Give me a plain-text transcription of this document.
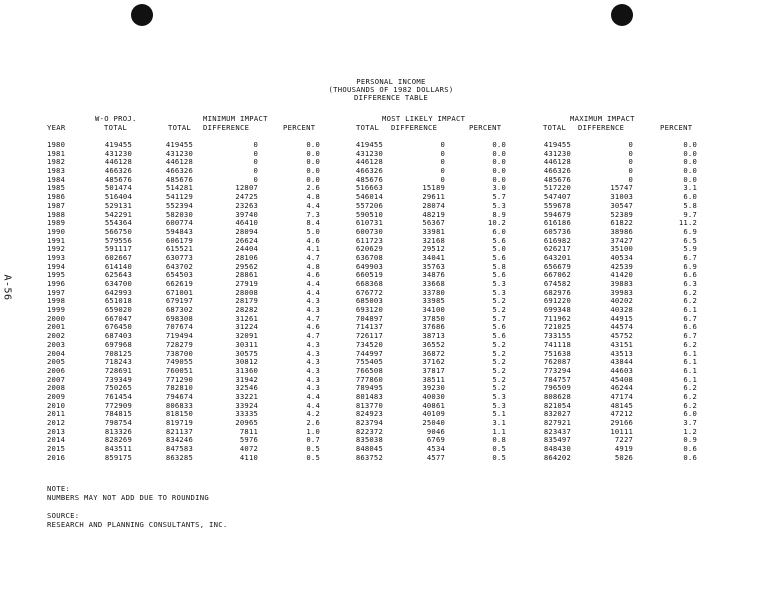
A-56
PERSONAL INCOME
(THOUSANDS OF 1982 DOLLARS)
DIFFERENCE TABLE
W-O PROJ.	MINIMUM IMPACT	MOST LIKELY IMPACT	MAXIMUM IMPACT
YEAR	TOTAL	TOTAL DIFFERENCE	PERCENT	TOTAL DIFFERENCE	PERCENT	TOTAL DIFFERENCE	PERCENT
1980	419455	419455	0	0.0	419455	0	0.0	419455	0	0.0
1981	431230	431230	0	0.0	431230	0	0.0	431230	0	0.0
1982	446128	446128	0	0.0	446128	0	0.0	446128	0	0.0
1983	466326	466326	0	0.0	466326	0	0.0	466326	0	0.0
1984	485676	485676	0	0.0	485676	0	0.0	485676	0	0.0
1985	501474	514281	12807	2.6	516663	15189	3.0	517220	15747	3.1
1986	516404	541129	24725	4.8	546014	29611	5.7	547407	31003	6.0
1987	529131	552394	23263	4.4	557206	28074	5.3	559678	30547	5.8
1988	542291	582030	39740	7.3	590510	48219	8.9	594679	52389	9.7
1989	554364	600774	46410	8.4	610731	56367	10.2	616186	61822	11.2
1990	566750	594843	28094	5.0	600730	33981	6.0	605736	38986	6.9
1991	579556	606179	26624	4.6	611723	32168	5.6	616982	37427	6.5
1992	591117	615521	24404	4.1	620629	29512	5.0	626217	35100	5.9
1993	602667	630773	28106	4.7	636708	34041	5.6	643201	40534	6.7
1994	614140	643702	29562	4.8	649903	35763	5.8	656679	42539	6.9
1995	625643	654503	28861	4.6	660519	34876	5.6	667062	41420	6.6
1996	634700	662619	27919	4.4	668368	33668	5.3	674582	39883	6.3
1997	642993	671001	28008	4.4	676772	33780	5.3	682976	39983	6.2
1998	651018	679197	28179	4.3	685003	33985	5.2	691220	40202	6.2
1999	659020	687302	28282	4.3	693120	34100	5.2	699348	40328	6.1
2000	667047	698308	31261	4.7	704897	37850	5.7	711962	44915	6.7
2001	676450	707674	31224	4.6	714137	37686	5.6	721025	44574	6.6
2002	687403	719494	32091	4.7	726117	38713	5.6	733155	45752	6.7
2003	697968	728279	30311	4.3	734520	36552	5.2	741118	43151	6.2
2004	708125	738700	30575	4.3	744997	36872	5.2	751638	43513	6.1
2005	718243	749055	30812	4.3	755405	37162	5.2	762087	43844	6.1
2006	728691	760051	31360	4.3	766508	37817	5.2	773294	44603	6.1
2007	739349	771290	31942	4.3	777860	38511	5.2	784757	45408	6.1
2008	750265	782810	32546	4.3	789495	39230	5.2	796509	46244	6.2
2009	761454	794674	33221	4.4	801483	40030	5.3	808628	47174	6.2
2010	772909	806833	33924	4.4	813770	40861	5.3	821054	48145	6.2
2011	784815	818150	33335	4.2	824923	40109	5.1	832027	47212	6.0
2012	798754	819719	20965	2.6	823794	25040	3.1	827921	29166	3.7
2013	813326	821137	7811	1.0	822372	9046	1.1	823437	10111	1.2
2014	828269	834246	5976	0.7	835038	6769	0.8	835497	7227	0.9
2015	843511	847583	4072	0.5	848045	4534	0.5	848430	4919	0.6
2016	859175	863285	4110	0.5	863752	4577	0.5	864202	5026	0.6
NOTE:
NUMBERS MAY NOT ADD DUE TO ROUNDING
SOURCE:
RESEARCH AND PLANNING CONSULTANTS, INC.
